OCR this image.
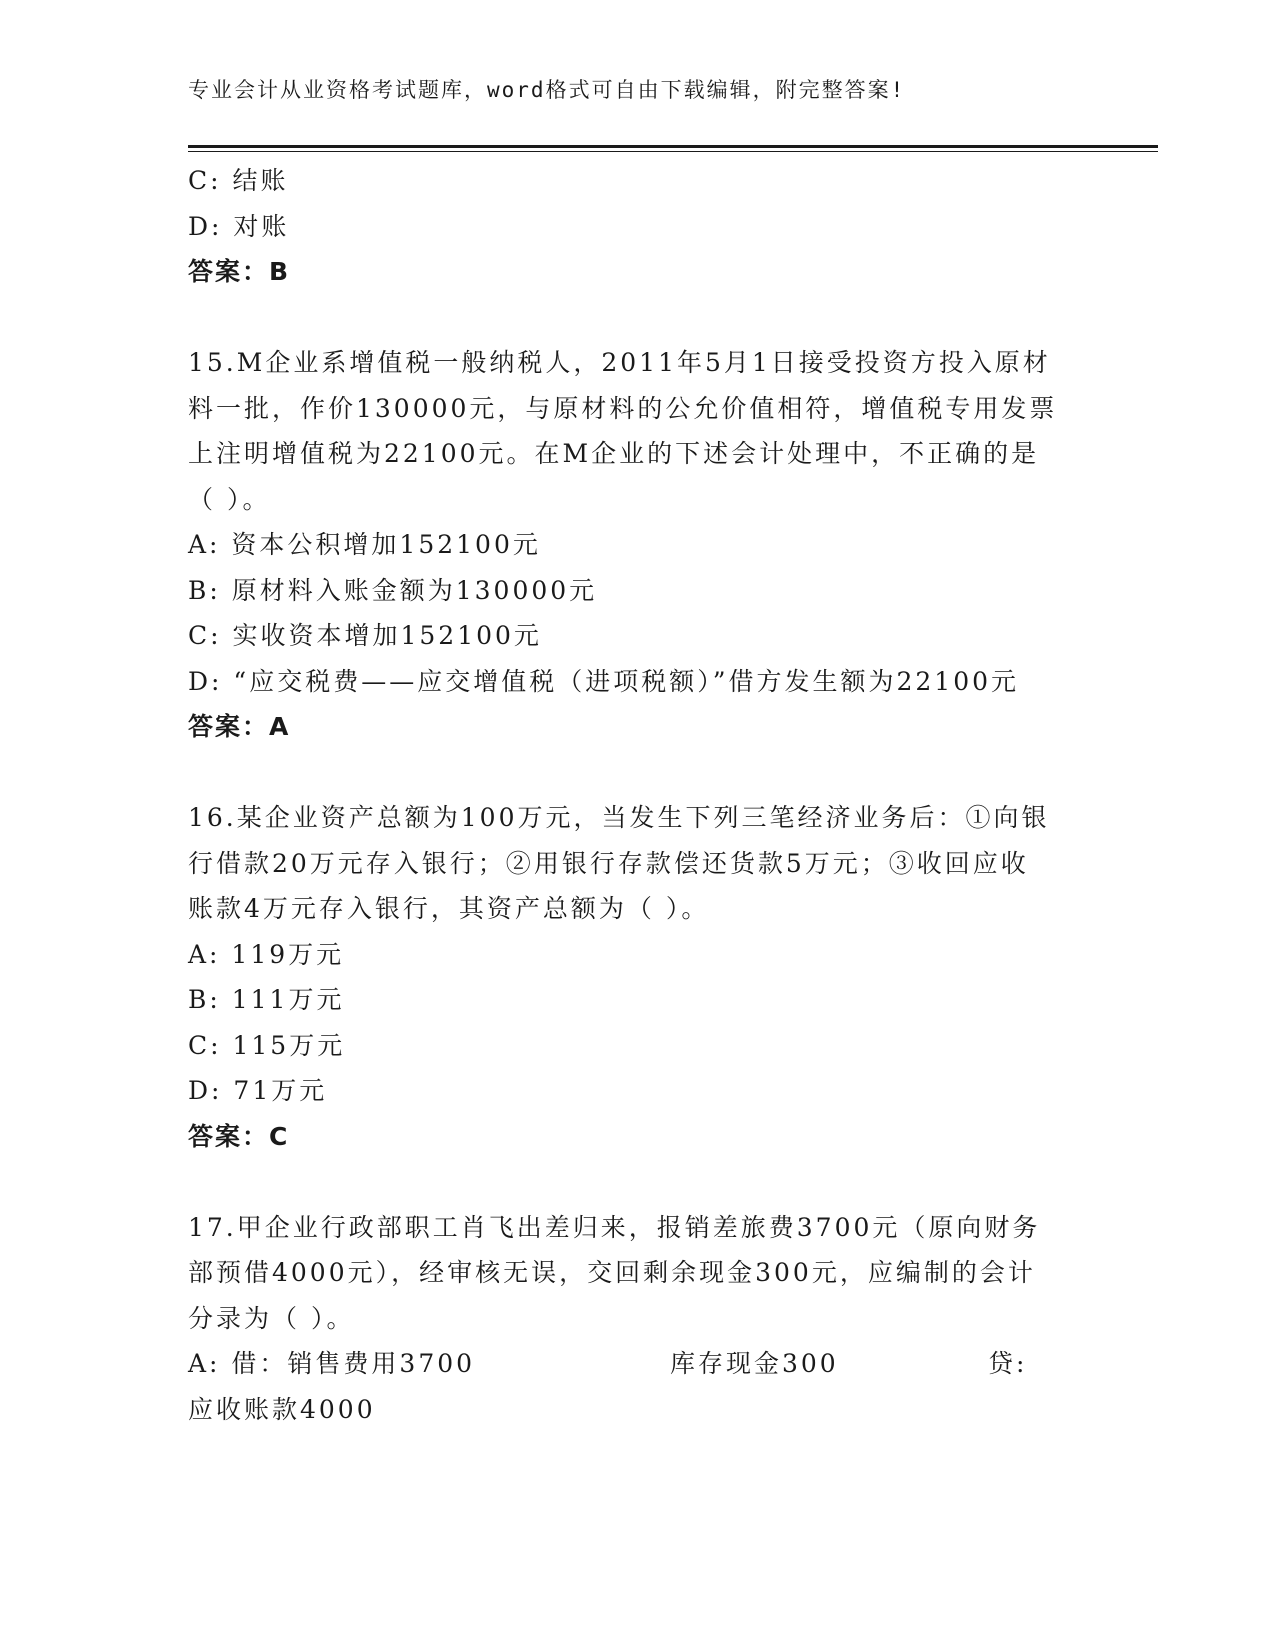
专业会计从业资格考试题库，word格式可自由下载编辑，附完整答案!
C: 结账
D: 对账
答案：B
15.M企业系增值税一般纳税人，2011年5月1日接受投资方投入原材
料一批，作价130000元，与原材料的公允价值相符，增值税专用发票
上注明增值税为22100元。在M企业的下述会计处理中，不正确的是
（ ）。
A: 资本公积增加152100元
B: 原材料入账金额为130000元
C: 实收资本增加152100元
D: “应交税费——应交增值税（进项税额）”借方发生额为22100元
答案：A
16.某企业资产总额为100万元，当发生下列三笔经济业务后：①向银
行借款20万元存入银行；②用银行存款偿还货款5万元；③收回应收
账款4万元存入银行，其资产总额为（ ）。
A: 119万元
B: 111万元
C: 115万元
D: 71万元
答案：C
17.甲企业行政部职工肖飞出差归来，报销差旅费3700元（原向财务
部预借4000元），经审核无误，交回剩余现金300元，应编制的会计
分录为（ ）。
A: 借：销售费用3700	库存现金300	贷:
应收账款4000
